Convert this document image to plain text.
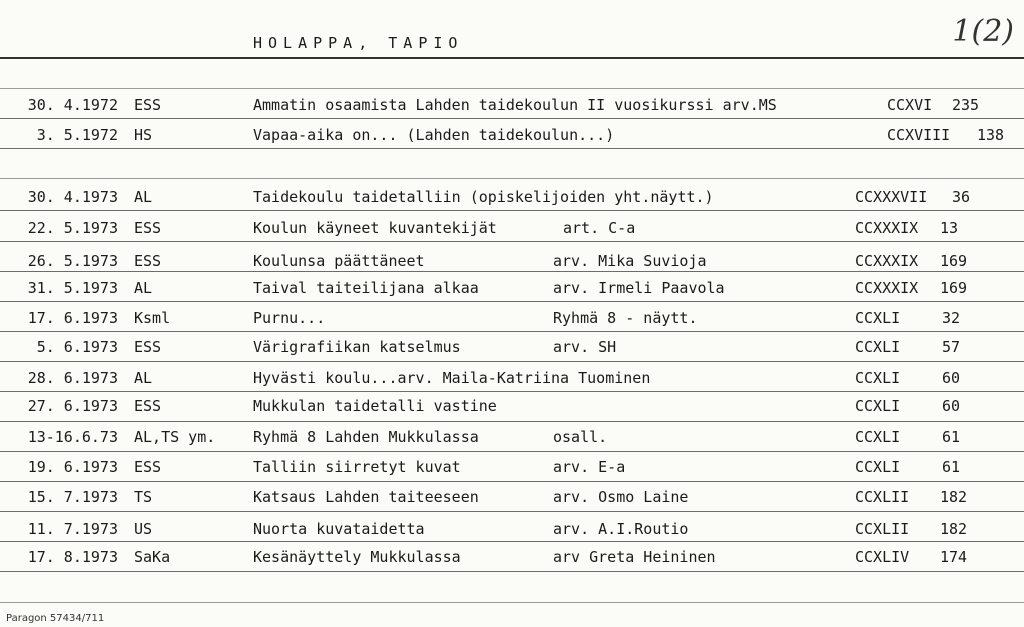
HOLAPPA, TAPIO	1(2)
30. 4.1972 ESS	Ammatin osaamista Lahden taidekoulun II vuosikurssi arv.MS	CCXVI 235
3. 5.1972 HS	Vapaa-aika on... (Lahden taidekoulun...)	CCXVIII 138
30. 4.1973 AL	Taidekoulu taidetalliin (opiskelijoiden yht.näytt.)	CCXXXVII 36
22. 5.1973 ESS	Koulun käyneet kuvantekijät	art. C-a	CCXXXIX 13
26. 5.1973 ESS	Koulunsa päättäneet	arv. Mika Suvioja	CCXXXIX 169
31. 5.1973 AL	Taival taiteilijana alkaa	arv. Irmeli Paavola	CCXXXIX 169
17. 6.1973 Ksml	Purnu...	Ryhmä 8 - näytt.	CCXLI	32
5. 6.1973 ESS	Värigrafiikan katselmus	arv. SH	CCXLI	57
28. 6.1973 AL	Hyvästi koulu...arv. Maila-Katriina Tuominen	CCXLI	60
27. 6.1973 ESS	Mukkulan taidetalli vastine	CCXLI	60
13-16.6.73 AL,TS ym.	Ryhmä 8 Lahden Mukkulassa	osall.	CCXLI	61
19. 6.1973 ESS	Talliin siirretyt kuvat	arv. E-a	CCXLI	61
15. 7.1973 TS	Katsaus Lahden taiteeseen	arv. Osmo Laine	CCXLII 182
11. 7.1973 US	Nuorta kuvataidetta	arv. A.I.Routio	CCXLII 182
17. 8.1973 SaKa	Kesänäyttely Mukkulassa	arv Greta Heininen	CCXLIV 174
Paragon 57434/711
